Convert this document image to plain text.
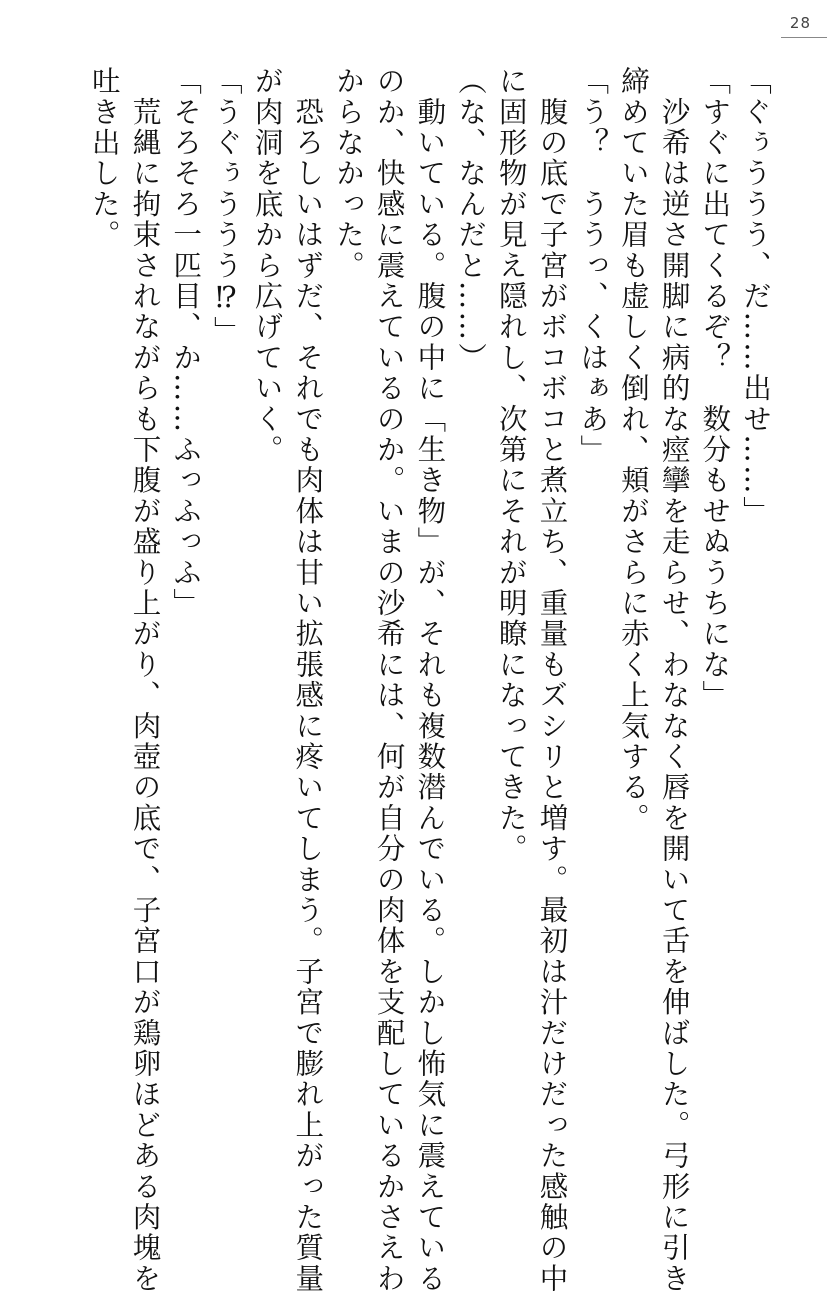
28
「ぐぅううう、だ……出せ……」
「すぐに出てくるぞ？　数分もせぬうちにな」
　沙希は逆さ開脚に病的な痙攣を走らせ、わななく唇を開いて舌を伸ばした。弓形に引き
締めていた眉も虚しく倒れ、頬がさらに赤く上気する。
「う？　ううっ、くはぁあ」
　腹の底で子宮がボコボコと煮立ち、重量もズシリと増す。最初は汁だけだった感触の中
に固形物が見え隠れし、次第にそれが明瞭になってきた。
（な、なんだと……）
　動いている。腹の中に「生き物」が、それも複数潜んでいる。しかし怖気に震えている
のか、快感に震えているのか。いまの沙希には、何が自分の肉体を支配しているかさえわ
からなかった。
　恐ろしいはずだ、それでも肉体は甘い拡張感に疼いてしまう。子宮で膨れ上がった質量
が肉洞を底から広げていく。
「うぐぅううう⁉」
「そろそろ一匹目、か……ふっふっふ」
　荒縄に拘束されながらも下腹が盛り上がり、肉壺の底で、子宮口が鶏卵ほどある肉塊を
吐き出した。
